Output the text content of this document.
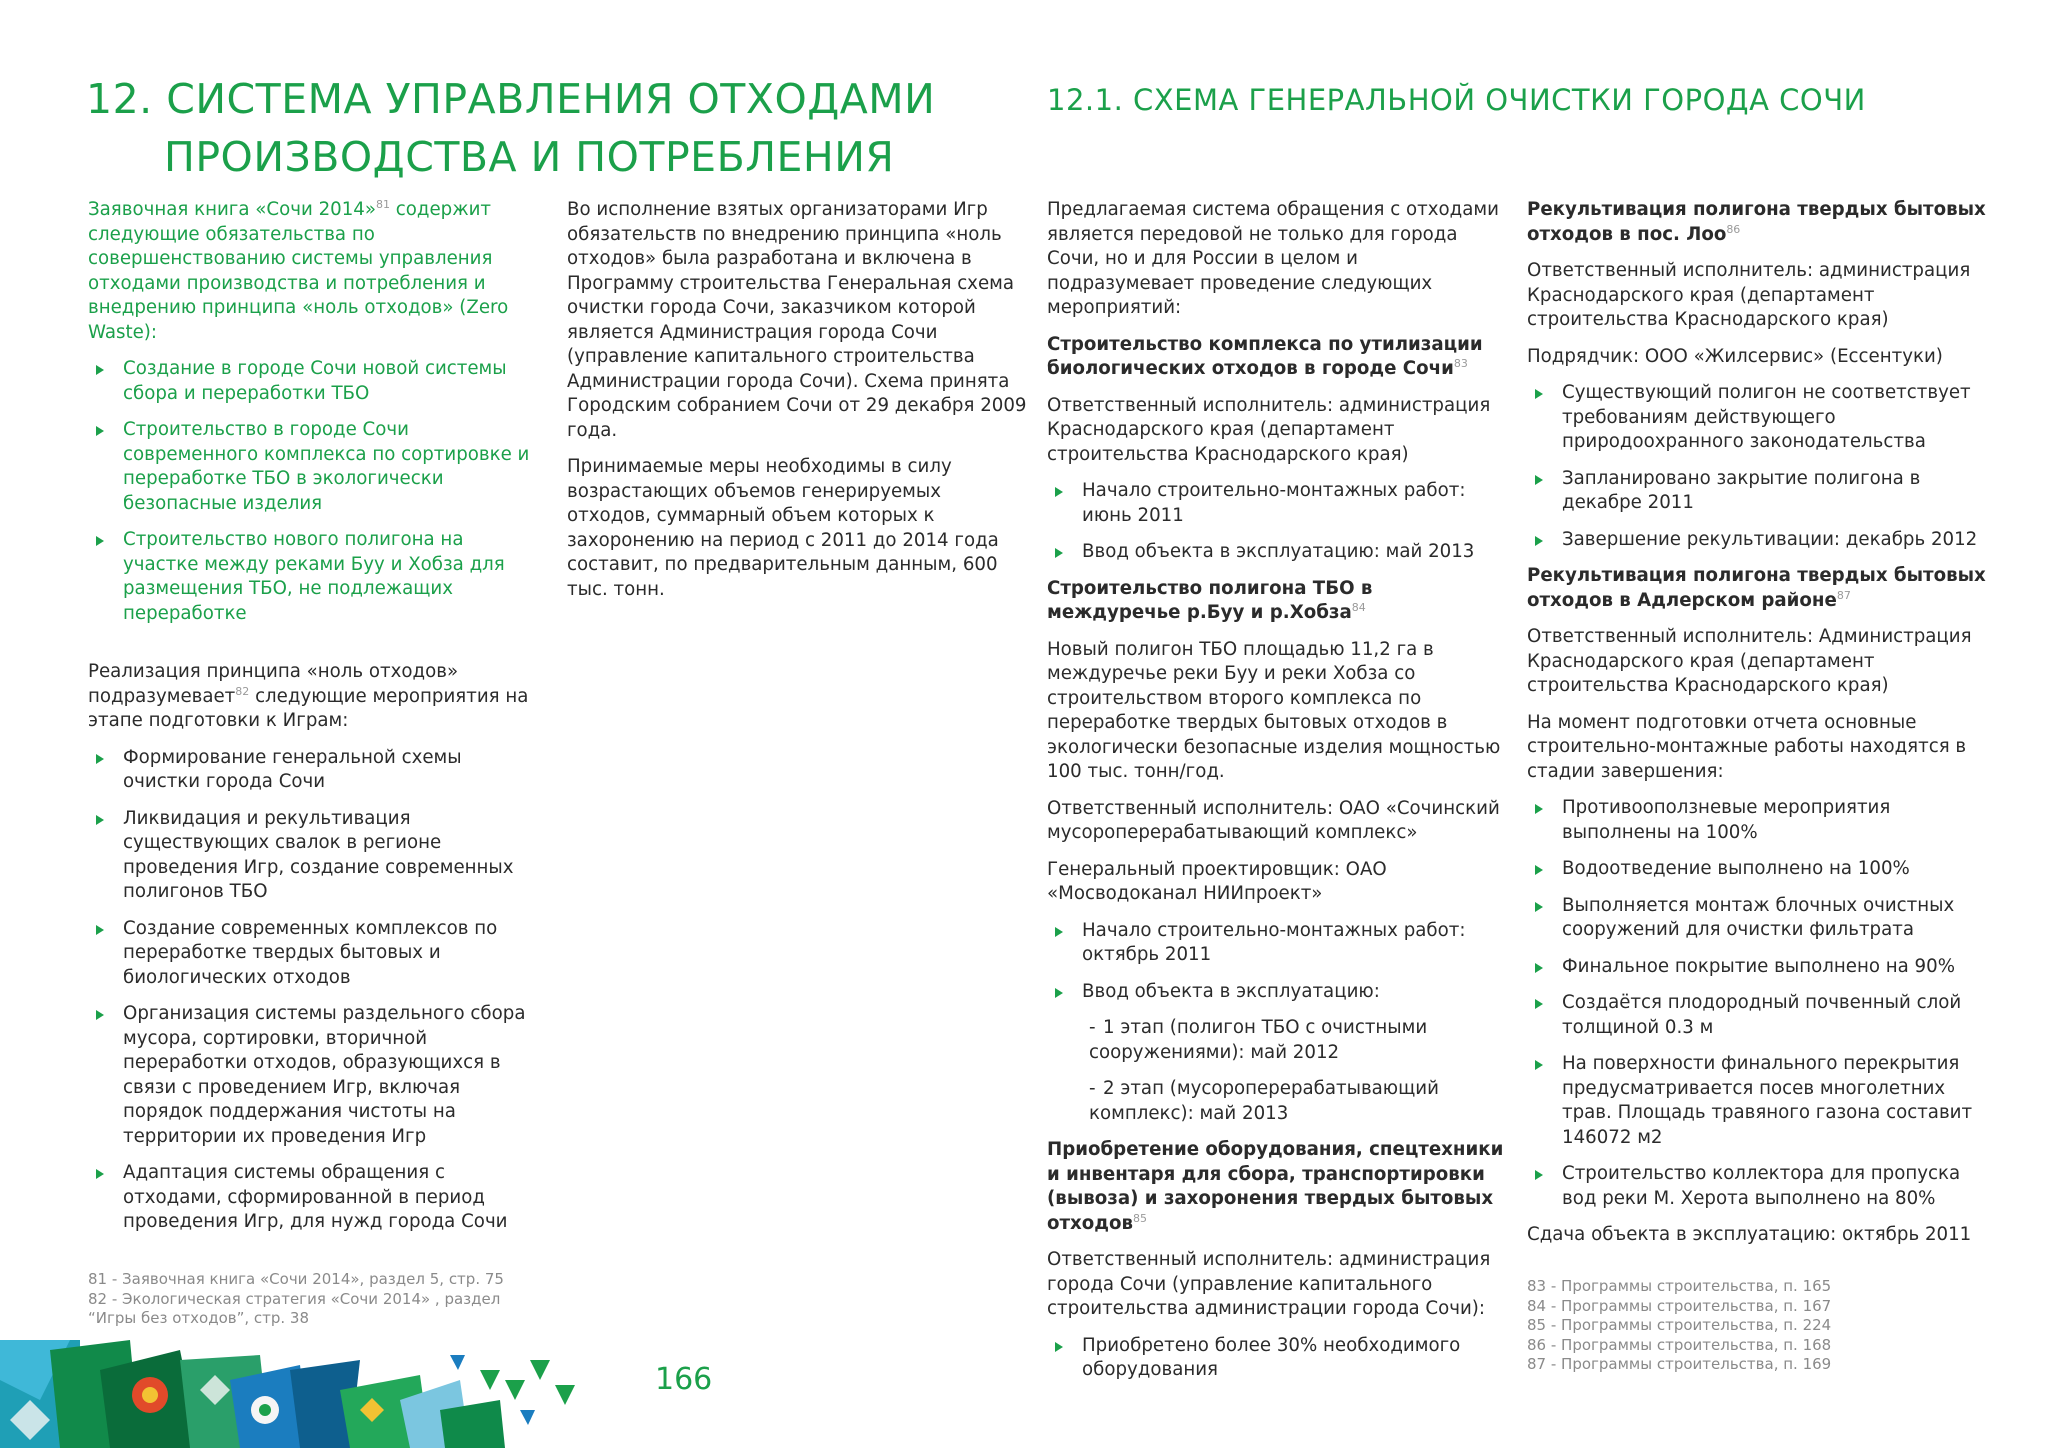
12. СИСТЕМА УПРАВЛЕНИЯ ОТХОДАМИ
ПРОИЗВОДСТВА И ПОТРЕБЛЕНИЯ
12.1. СХЕМА ГЕНЕРАЛЬНОЙ ОЧИСТКИ ГОРОДА СОЧИ

Заявочная книга «Сочи 2014»$^{81}$ содержит следующие обязательства по совершенствованию системы управления отходами производства и потребления и внедрению принципа «ноль отходов» (Zero Waste):

Создание в городе Сочи новой системы сбора и переработки ТБО
Строительство в городе Сочи современного комплекса по сортировке и переработке ТБО в экологически безопасные изделия
Строительство нового полигона на участке между реками Буу и Хобза для размещения ТБО, не подлежащих переработке

Реализация принципа «ноль отходов» подразумевает$^{82}$ следующие мероприятия на этапе подготовки к Играм:

Формирование генеральной схемы очистки города Сочи
Ликвидация и рекультивация существующих свалок в регионе проведения Игр, создание современных полигонов ТБО
Создание современных комплексов по переработке твердых бытовых и биологических отходов
Организация системы раздельного сбора мусора, сортировки, вторичной переработки отходов, образующихся в связи с проведением Игр, включая порядок поддержания чистоты на территории их проведения Игр
Адаптация системы обращения с отходами, сформированной в период проведения Игр, для нужд города Сочи

Во исполнение взятых организаторами Игр обязательств по внедрению принципа «ноль отходов» была разработана и включена в Программу строительства Генеральная схема очистки города Сочи, заказчиком которой является Администрация города Сочи (управление капитального строительства Администрации города Сочи). Схема принята Городским собранием Сочи от 29 декабря 2009 года.

Принимаемые меры необходимы в силу возрастающих объемов генерируемых отходов, суммарный объем которых к захоронению на период с 2011 до 2014 года составит, по предварительным данным, 600 тыс. тонн.

Предлагаемая система обращения с отходами является передовой не только для города Сочи, но и для России в целом и подразумевает проведение следующих мероприятий:

Строительство комплекса по утилизации биологических отходов в городе Сочи$^{83}$

Ответственный исполнитель: администрация Краснодарского края (департамент строительства Краснодарского края)

Начало строительно-монтажных работ: июнь 2011
Ввод объекта в эксплуатацию: май 2013

Строительство полигона ТБО в междуречье р.Буу и р.Хобза$^{84}$

Новый полигон ТБО площадью 11,2 га в междуречье реки Буу и реки Хобза со строительством второго комплекса по переработке твердых бытовых отходов в экологически безопасные изделия мощностью 100 тыс. тонн/год.

Ответственный исполнитель: ОАО «Сочинский мусороперерабатывающий комплекс»

Генеральный проектировщик: ОАО «Мосводоканал НИИпроект»

Начало строительно-монтажных работ: октябрь 2011
Ввод объекта в эксплуатацию:
- 1 этап (полигон ТБО с очистными сооружениями): май 2012
- 2 этап (мусороперерабатывающий комплекс): май 2013

Приобретение оборудования, спецтехники и инвентаря для сбора, транспортировки (вывоза) и захоронения твердых бытовых отходов$^{85}$

Ответственный исполнитель: администрация города Сочи (управление капитального строительства администрации города Сочи):

Приобретено более 30% необходимого оборудования

Рекультивация полигона твердых бытовых отходов в пос. Лоо$^{86}$

Ответственный исполнитель: администрация Краснодарского края (департамент строительства Краснодарского края)

Подрядчик: ООО «Жилсервис» (Ессентуки)

Существующий полигон не соответствует требованиям действующего природоохранного законодательства
Запланировано закрытие полигона в декабре 2011
Завершение рекультивации: декабрь 2012

Рекультивация полигона твердых бытовых отходов в Адлерском районе$^{87}$

Ответственный исполнитель: Администрация Краснодарского края (департамент строительства Краснодарского края)

На момент подготовки отчета основные строительно-монтажные работы находятся в стадии завершения:

Противооползневые мероприятия выполнены на 100%
Водоотведение выполнено на 100%
Выполняется монтаж блочных очистных сооружений для очистки фильтрата
Финальное покрытие выполнено на 90%
Создаётся плодородный почвенный слой толщиной 0.3 м
На поверхности финального перекрытия предусматривается посев многолетних трав. Площадь травяного газона составит 146072 м2
Строительство коллектора для пропуска вод реки М. Херота выполнено на 80%

Сдача объекта в эксплуатацию: октябрь 2011

81 - Заявочная книга «Сочи 2014», раздел 5, стр. 75
82 - Экологическая стратегия «Сочи 2014» , раздел
“Игры без отходов”, стр. 38
83 - Программы строительства, п. 165
84 - Программы строительства, п. 167
85 - Программы строительства, п. 224
86 - Программы строительства, п. 168
87 - Программы строительства, п. 169
166
